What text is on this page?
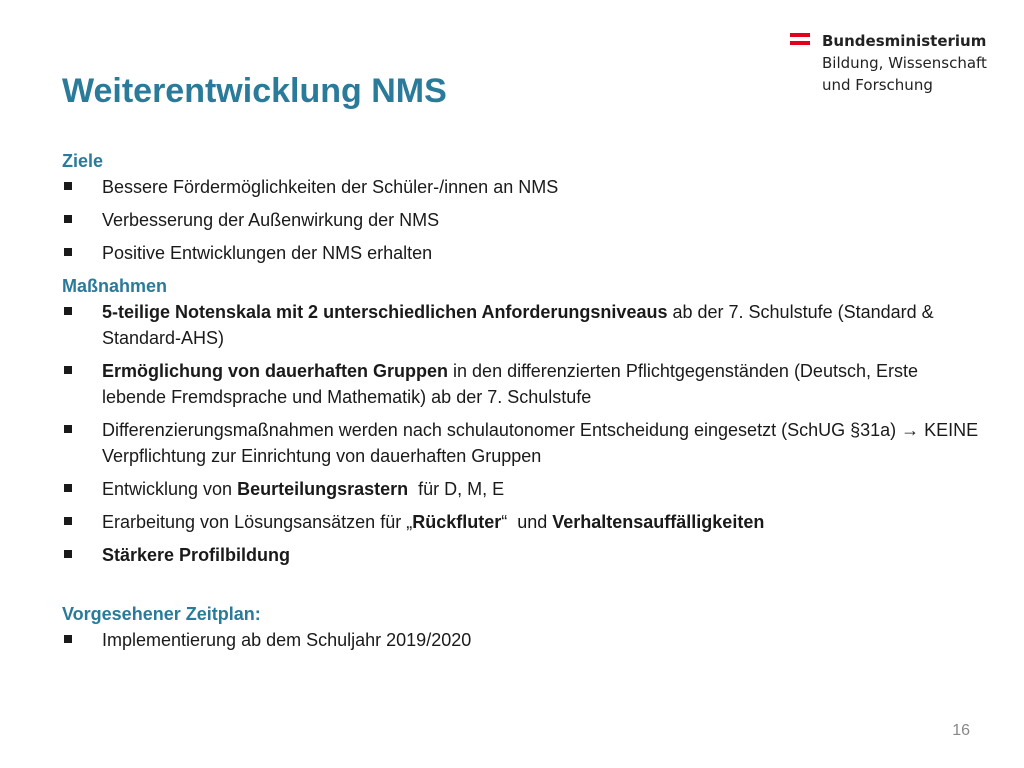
Bundesministerium
Bildung, Wissenschaft
und Forschung
Weiterentwicklung NMS

Ziele

Bessere Fördermöglichkeiten der Schüler-/innen an NMS
Verbesserung der Außenwirkung der NMS
Positive Entwicklungen der NMS erhalten

Maßnahmen

5-teilige Notenskala mit 2 unterschiedlichen Anforderungsniveaus ab der 7. Schulstufe (Standard & Standard-AHS)
Ermöglichung von dauerhaften Gruppen in den differenzierten Pflichtgegenständen (Deutsch, Erste lebende Fremdsprache und Mathematik) ab der 7. Schulstufe
Differenzierungsmaßnahmen werden nach schulautonomer Entscheidung eingesetzt (SchUG §31a) → KEINE Verpflichtung zur Einrichtung von dauerhaften Gruppen
Entwicklung von Beurteilungsrastern  für D, M, E
Erarbeitung von Lösungsansätzen für „Rückfluter“  und Verhaltensauffälligkeiten
Stärkere Profilbildung

Vorgesehener Zeitplan:

Implementierung ab dem Schuljahr 2019/2020
16
